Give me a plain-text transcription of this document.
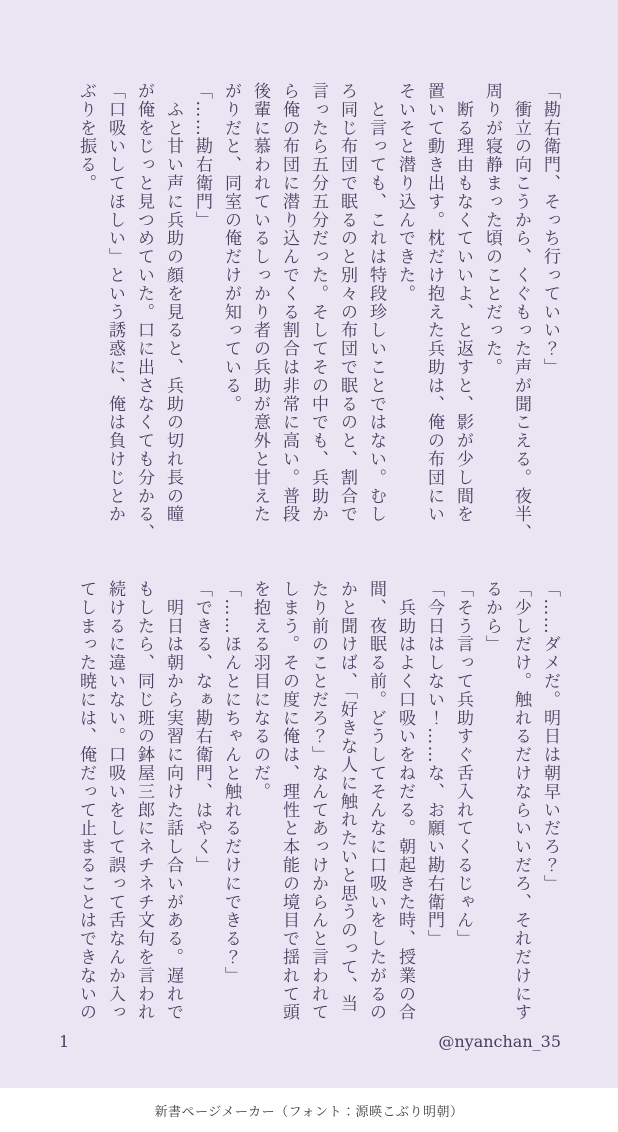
「勘右衛門、そっち行っていい？」

　衝立の向こうから、くぐもった声が聞こえる。夜半、

周りが寝静まった頃のことだった。

　断る理由もなくていいよ、と返すと、影が少し間を

置いて動き出す。枕だけ抱えた兵助は、俺の布団にい

そいそと潜り込んできた。

　と言っても、これは特段珍しいことではない。むし

ろ同じ布団で眠るのと別々の布団で眠るのと、割合で

言ったら五分五分だった。そしてその中でも、兵助か

ら俺の布団に潜り込んでくる割合は非常に高い。普段

後輩に慕われているしっかり者の兵助が意外と甘えた

がりだと、同室の俺だけが知っている。

「……勘右衛門」

　ふと甘い声に兵助の顔を見ると、兵助の切れ長の瞳

が俺をじっと見つめていた。口に出さなくても分かる、

「口吸いしてほしい」という誘惑に、俺は負けじとか

ぶりを振る。

「……ダメだ。明日は朝早いだろ？」

「少しだけ。触れるだけならいいだろ、それだけにす

るから」

「そう言って兵助すぐ舌入れてくるじゃん」

「今日はしない！……な、お願い勘右衛門」

　兵助はよく口吸いをねだる。朝起きた時、授業の合

間、夜眠る前。どうしてそんなに口吸いをしたがるの

かと聞けば、「好きな人に触れたいと思うのって、当

たり前のことだろ？」なんてあっけからんと言われて

しまう。その度に俺は、理性と本能の境目で揺れて頭

を抱える羽目になるのだ。

「……ほんとにちゃんと触れるだけにできる？」

「できる、なぁ勘右衛門、はやく」

　明日は朝から実習に向けた話し合いがある。遅れで

もしたら、同じ班の鉢屋三郎にネチネチ文句を言われ

続けるに違いない。口吸いをして誤って舌なんか入っ

てしまった暁には、俺だって止まることはできないの

1	@nyanchan_35
新書ページメーカー（フォント：源暎こぶり明朝）
